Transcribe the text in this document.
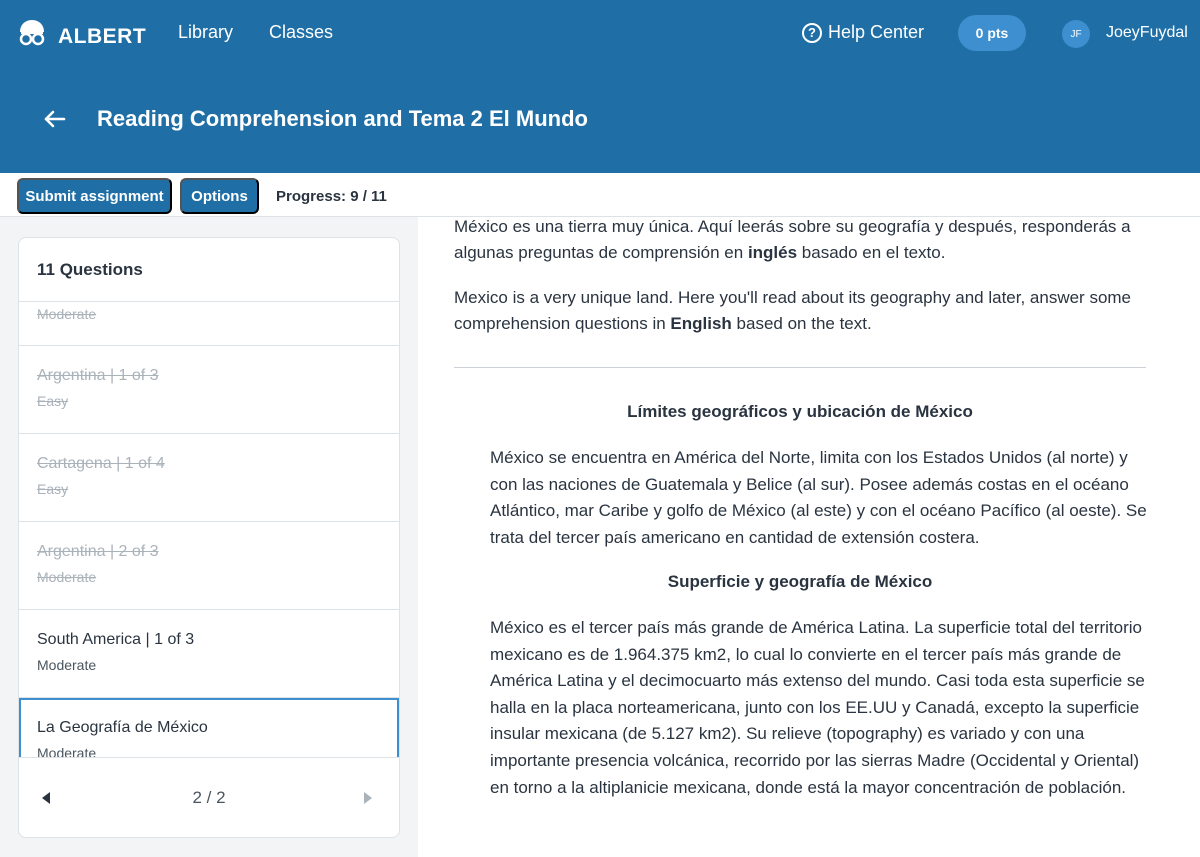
ALBERT Library Classes	? Help Center	0 pts	JF	JoeyFuydal
Reading Comprehension and Tema 2 El Mundo
Submit assignment	Options	Progress: 9 / 11
11 Questions
Moderate
Argentina | 1 of 3
Easy
Cartagena | 1 of 4
Easy
Argentina | 2 of 3
Moderate
South America | 1 of 3
Moderate
La Geografía de México
Moderate
2 / 2

México es una tierra muy única. Aquí leerás sobre su geografía y después, responderás a algunas preguntas de comprensión en inglés basado en el texto.

Mexico is a very unique land. Here you'll read about its geography and later, answer some comprehension questions in English based on the text.

Límites geográficos y ubicación de México

México se encuentra en América del Norte, limita con los Estados Unidos (al norte) y con las naciones de Guatemala y Belice (al sur). Posee además costas en el océano Atlántico, mar Caribe y golfo de México (al este) y con el océano Pacífico (al oeste). Se trata del tercer país americano en cantidad de extensión costera.

Superficie y geografía de México

México es el tercer país más grande de América Latina. La superficie total del territorio mexicano es de 1.964.375 km2, lo cual lo convierte en el tercer país más grande de América Latina y el decimocuarto más extenso del mundo. Casi toda esta superficie se halla en la placa norteamericana, junto con los EE.UU y Canadá, excepto la superficie insular mexicana (de 5.127 km2). Su relieve (topography) es variado y con una importante presencia volcánica, recorrido por las sierras Madre (Occidental y Oriental) en torno a la altiplanicie mexicana, donde está la mayor concentración de población.
